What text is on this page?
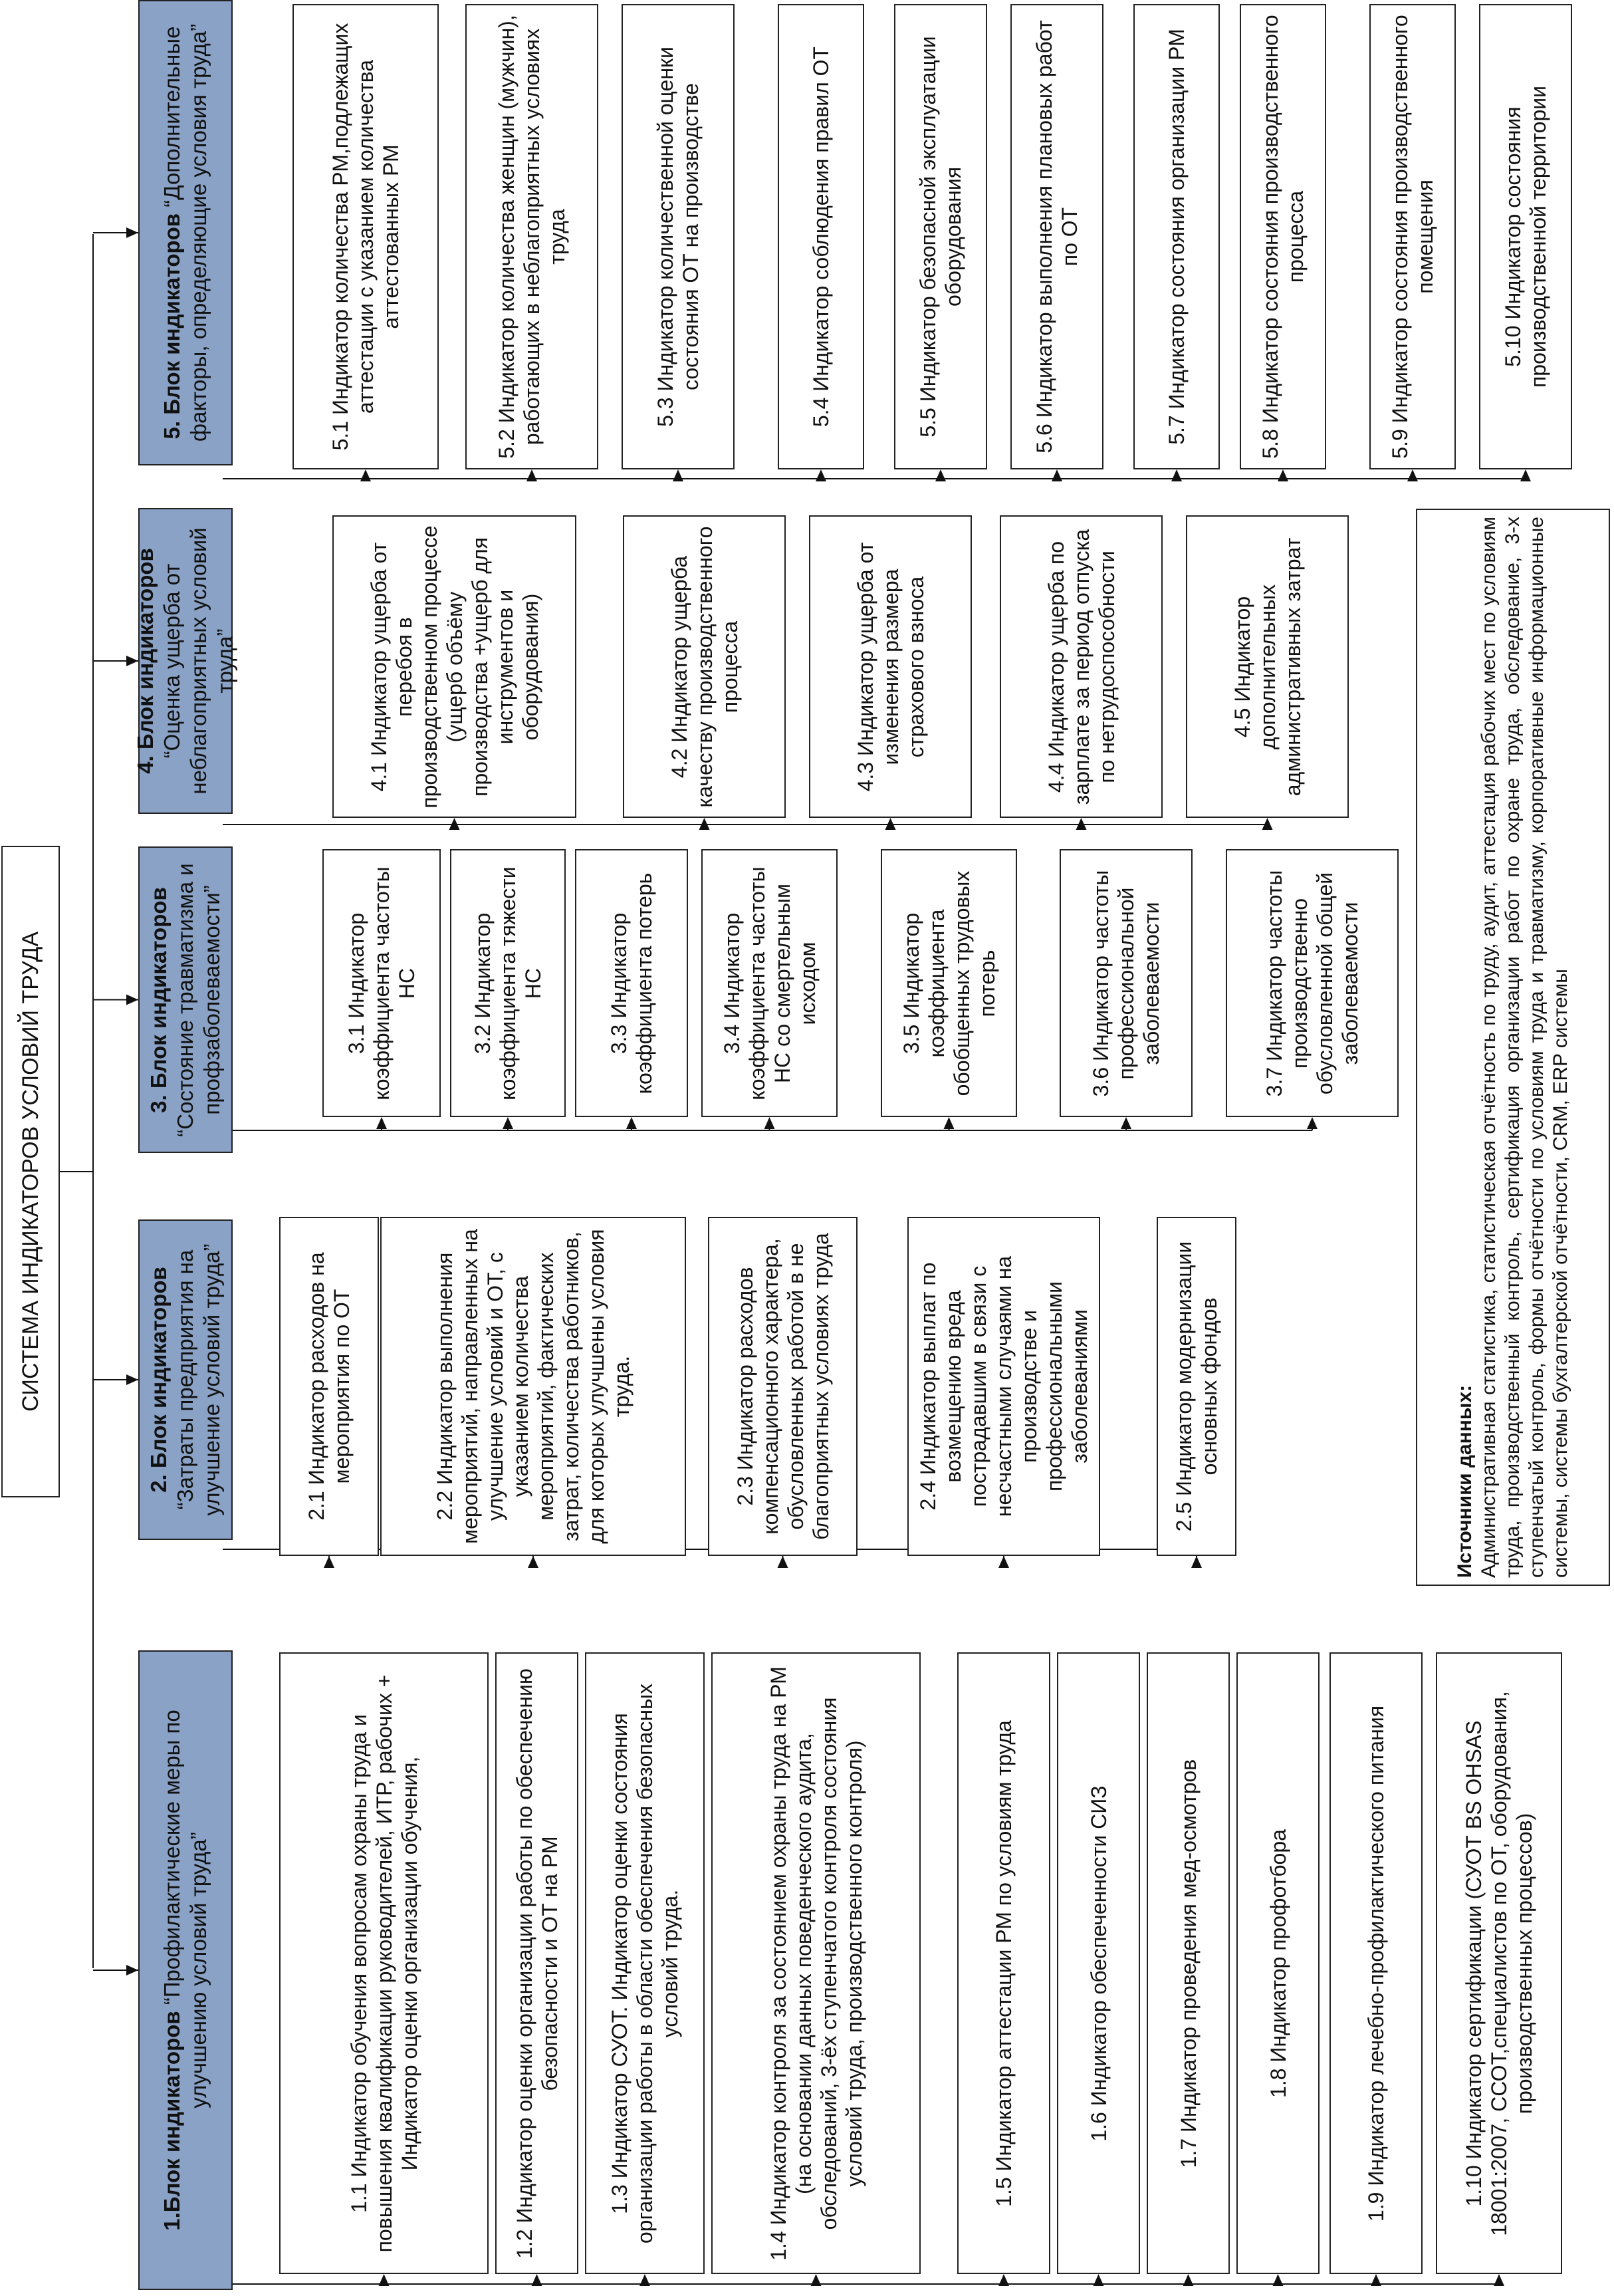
СИСТЕМА ИНДИКАТОРОВ УСЛОВИЙ ТРУДА
1.Блок индикаторов “Профилактические меры по улучшению условий труда”	1.1 Индикатор обучения вопросам охраны труда и повышения квалификации руководителей, ИТР, рабочих + Индикатор оценки организации обучения,	1.2 Индикатор оценки организации работы по обеспечению безопасности и ОТ на РМ 1.3 Индикатор СУОТ. Индикатор оценки состояния организации работы в области обеспечения безопасных условий труда.	1.4 Индикатор контроля за состоянием охраны труда на РМ (на основании данных поведенческого аудита, обследований, 3-ёх ступенчатого контроля состояния условий труда, производственного контроля)	1.5 Индикатор аттестации РМ по условиям труда	1.6 Индикатор обеспеченности СИЗ	1.7 Индикатор проведения мед-осмотров	1.8 Индикатор профотбора	1.9 Индикатор лечебно-профилактического питания	1.10 Индикатор сертификации (СУОТ BS OHSAS 18001:2007, ССОТ,специалистов по ОТ, оборудования, производственных процессов)
2. Блок индикаторов “Затраты предприятия на улучшение условий труда”	2.1 Индикатор расходов на мероприятия по ОТ	2.2 Индикатор выполнения мероприятий, направленных на улучшение условий и ОТ, с указанием количества мероприятий, фактических затрат, количества работников, для которых улучшены условия труда.	2.3 Индикатор расходов компенсационного характера, обусловленных работой в не благоприятных условиях труда	2.4 Индикатор выплат по возмещению вреда пострадавшим в связи с несчастными случаями на производстве и профессиональными заболеваниями	2.5 Индикатор модернизации основных фондов
3. Блок индикаторов “Состояние травматизма и профзаболеваемости”	3.1 Индикатор коэффициента частоты НС 3.2 Индикатор коэффициента тяжести НС	3.3 Индикатор коэффициента потерь	3.4 Индикатор коэффициента частоты НС со смертельным исходом	3.5 Индикатор коэффициента обобщенных трудовых потерь	3.6 Индикатор частоты профессиональной заболеваемости	3.7 Индикатор частоты производственно обусловленной общей заболеваемости
4. Блок индикаторов “Оценка ущерба от неблагоприятных условий труда”	4.1 Индикатор ущерба от перебоя в производственном процессе (ущерб объёму производства +ущерб для инструментов и оборудования)	4.2 Индикатор ущерба качеству производственного процесса	4.3 Индикатор ущерба от изменения размера страхового взноса	4.4 Индикатор ущерба по зарплате за период отпуска по нетрудоспособности	4.5 Индикатор дополнительных административных затрат
5. Блок индикаторов “Дополнительные факторы, определяющие условия труда”	5.1 Индикатор количества РМ,подлежащих аттестации с указанием количества аттестованных РМ	5.2 Индикатор количества женщин (мужчин), работающих в неблагоприятных условиях труда	5.3 Индикатор количественной оценки состояния ОТ на производстве	5.4 Индикатор соблюдения правил ОТ	5.5 Индикатор безопасной эксплуатации оборудования	5.6 Индикатор выполнения плановых работ по ОТ	5.7 Индикатор состояния организации РМ	5.8 Индикатор состояния производственного процесса	5.9 Индикатор состояния производственного помещения	5.10 Индикатор состояния производственной территории
Источники данных: Административная статистика, статистическая отчётность по труду, аудит, аттестация рабочих мест по условиям труда, производственный контроль, сертификация организации работ по охране труда, обследование, 3-х ступенчатый контроль, формы отчётности по условиям труда и травматизму, корпоративные информационные системы, системы бухгалтерской отчётности, CRM, ERP системы
